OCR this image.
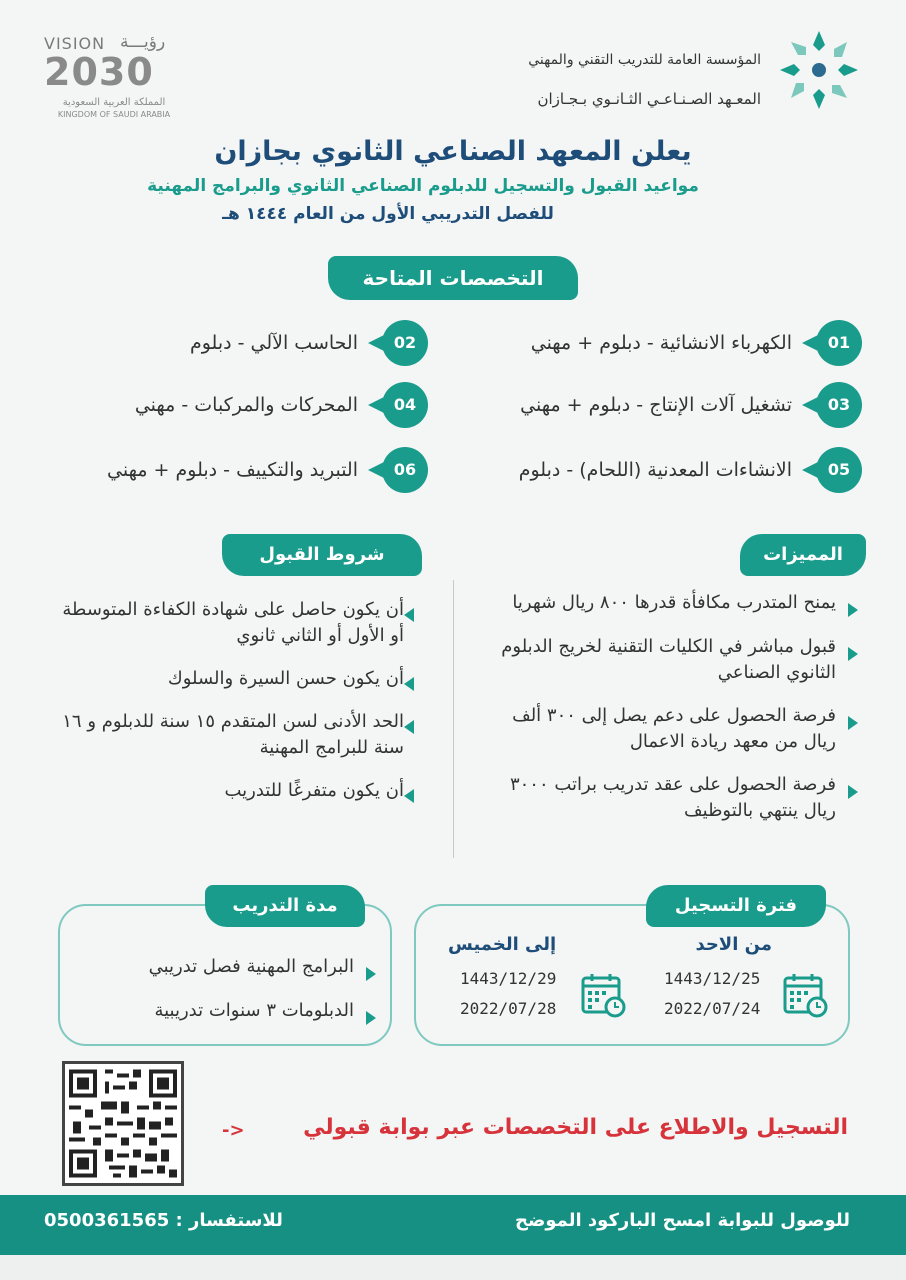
المؤسسة العامة للتدريب التقني والمهني
المعـهد الصـنـاعـي الثـانـوي بـجـازان
VISION رؤيـــة
2030
المملكة العربية السعودية
KINGDOM OF SAUDI ARABIA
يعلن المعهد الصناعي الثانوي بجازان
مواعيد القبول والتسجيل للدبلوم الصناعي الثانوي والبرامج المهنية
للفصل التدريبي الأول من العام ١٤٤٤ هـ
التخصصات المتاحة
01
الكهرباء الانشائية - دبلوم + مهني
02
الحاسب الآلي - دبلوم
03
تشغيل آلات الإنتاج - دبلوم + مهني
04
المحركات والمركبات - مهني
05
الانشاءات المعدنية (اللحام) - دبلوم
06
التبريد والتكييف - دبلوم + مهني
المميزات
شروط القبول
يمنح المتدرب مكافأة قدرها ٨٠٠ ريال شهريا
قبول مباشر في الكليات التقنية لخريج الدبلوم الثانوي الصناعي
فرصة الحصول على دعم يصل إلى ٣٠٠ ألف ريال من معهد ريادة الاعمال
فرصة الحصول على عقد تدريب براتب ٣٠٠٠ ريال ينتهي بالتوظيف
أن يكون حاصل على شهادة الكفاءة المتوسطة أو الأول أو الثاني ثانوي
أن يكون حسن السيرة والسلوك
الحد الأدنى لسن المتقدم ١٥ سنة للدبلوم و ١٦ سنة للبرامج المهنية
أن يكون متفرغًا للتدريب
فترة التسجيل
من الاحد
1443/12/25
2022/07/24
إلى الخميس
1443/12/29
2022/07/28
مدة التدريب
البرامج المهنية فصل تدريبي
الدبلومات ٣ سنوات تدريبية
التسجيل والاطلاع على التخصصات عبر بوابة قبولي
->
للوصول للبوابة امسح الباركود الموضح
للاستفسار : 0500361565
